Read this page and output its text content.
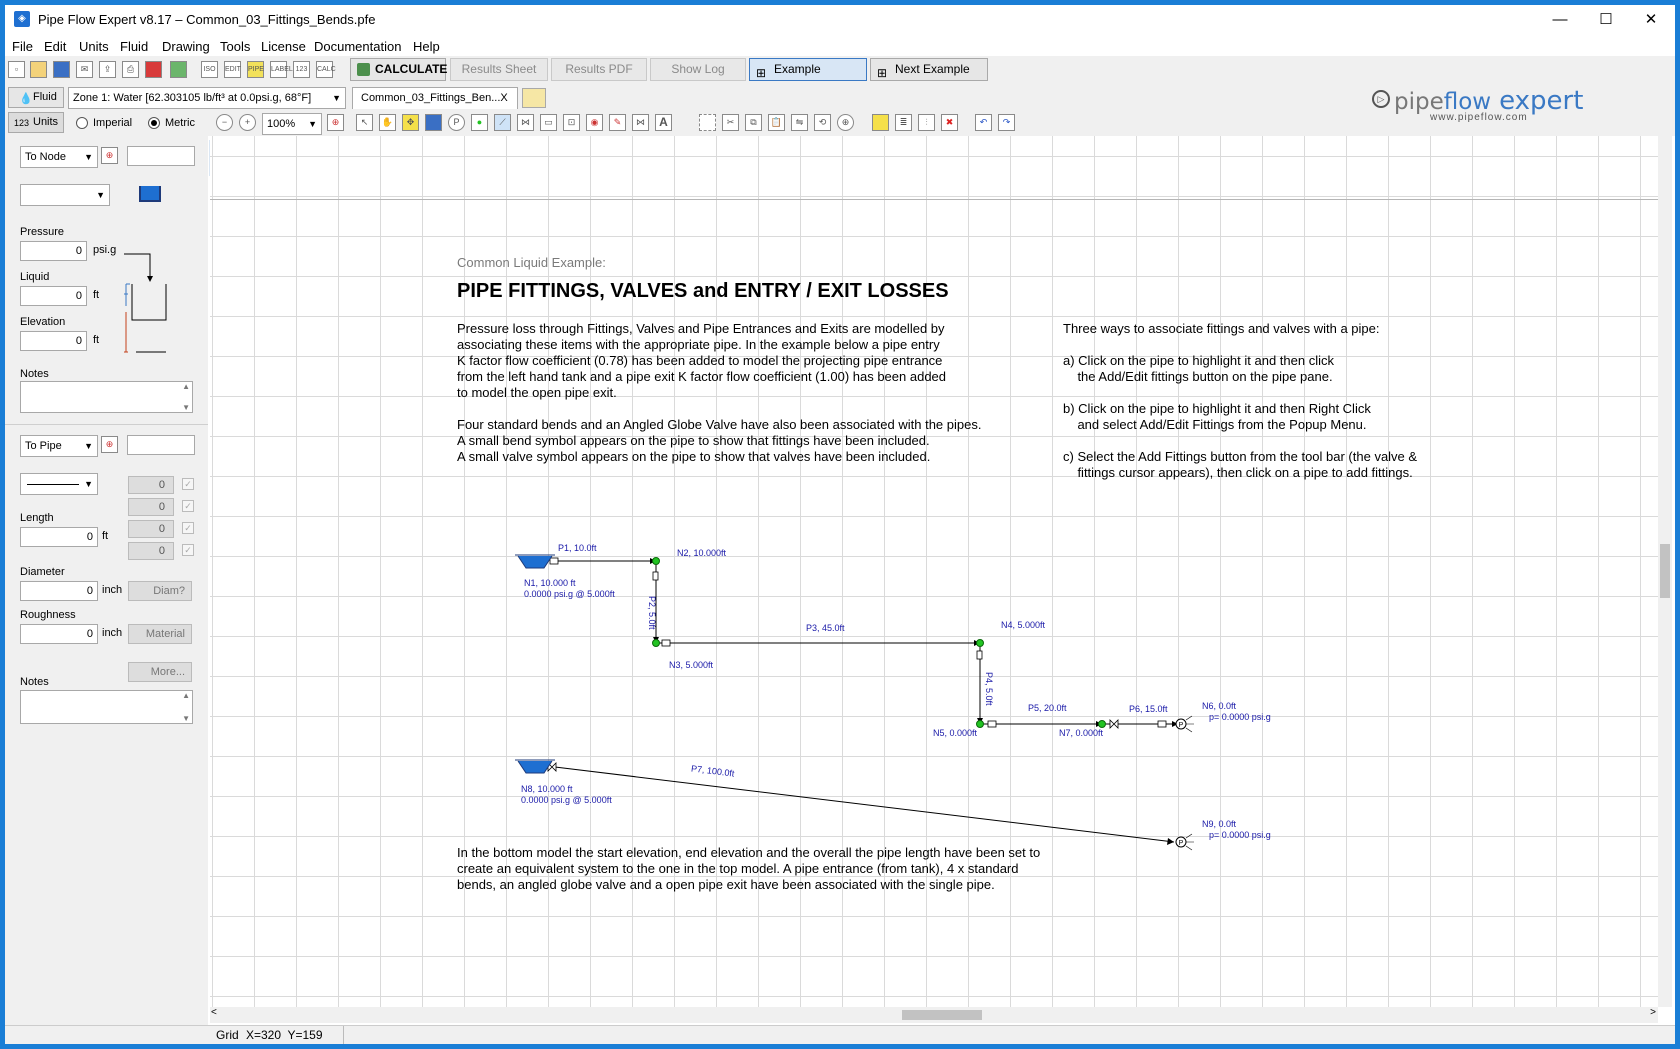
◈ Pipe Flow Expert v8.17 – Common_03_Fittings_Bends.pfe	— ☐ ✕
File Edit Units Fluid Drawing Tools License Documentation Help
▫	✉	⇪	⎙	ISO	EDIT PIPE LABEL 123	CALC	CALCULATE	Results Sheet	Results PDF	Show Log	⊞ Example	⊞ Next Example
💧 Fluid	Zone 1: Water [62.303105 lb/ft³ at 0.0psi.g, 68°F] ▼	Common_03_Fittings_Ben...X
123 Units	Imperial	Metric	−	+	100% ▼	⊕	↖	✋	✥	P	●	⟋	⋈	▭	⊡	◉	✎	⋈	A	✂	⧉	📋	⇋	⟲	⊕	≣	⫶	✖	↶	↷
▷ pipeflow expert
www.pipeflow.com
To Node ▼	⊕
▼
Pressure
0	psi.g
Liquid
0	ft
Elevation
0	ft
Notes
▲
▼
To Pipe ▼	⊕
▼	0	✓
0	✓
0	✓
0	✓
Length
0 ft
Diameter
0 inch	Diam?
Roughness
0 inch	Material
More...
Notes
▲
▼
Common Liquid Example:
PIPE FITTINGS, VALVES and ENTRY / EXIT LOSSES
Pressure loss through Fittings, Valves and Pipe Entrances and Exits are modelled by
associating these items with the appropriate pipe. In the example below a pipe entry
K factor flow coefficient (0.78) has been added to model the projecting pipe entrance
from the left hand tank and a pipe exit K factor flow coefficient (1.00) has been added
to model the open pipe exit.
Four standard bends and an Angled Globe Valve have also been associated with the pipes.
A small bend symbol appears on the pipe to show that fittings have been included.
A small valve symbol appears on the pipe to show that valves have been included.
Three ways to associate fittings and valves with a pipe:
a) Click on the pipe to highlight it and then click
the Add/Edit fittings button on the pipe pane.
b) Click on the pipe to highlight it and then Right Click
and select Add/Edit Fittings from the Popup Menu.
c) Select the Add Fittings button from the tool bar (the valve &
fittings cursor appears), then click on a pipe to add fittings.
In the bottom model the start elevation, end elevation and the overall the pipe length have been set to
create an equivalent system to the one in the top model. A pipe entrance (from tank), 4 x standard
bends, an angled globe valve and a open pipe exit have been associated with the single pipe.
P
P
P1, 10.0ft	N2, 10.000ft
N1, 10.000 ft
0.0000 psi.g @ 5.000ft
P2, 5.0ft	P3, 45.0ft	N4, 5.000ft
N3, 5.000ft
P4, 5.0ft
P5, 20.0ft	P6, 15.0ft	N6, 0.0ft
p= 0.0000 psi.g
N5, 0.000ft	N7, 0.000ft
P7, 100.0ft
N8, 10.000 ft
0.0000 psi.g @ 5.000ft
N9, 0.0ft
p= 0.0000 psi.g
<	>
Grid X=320  Y=159
